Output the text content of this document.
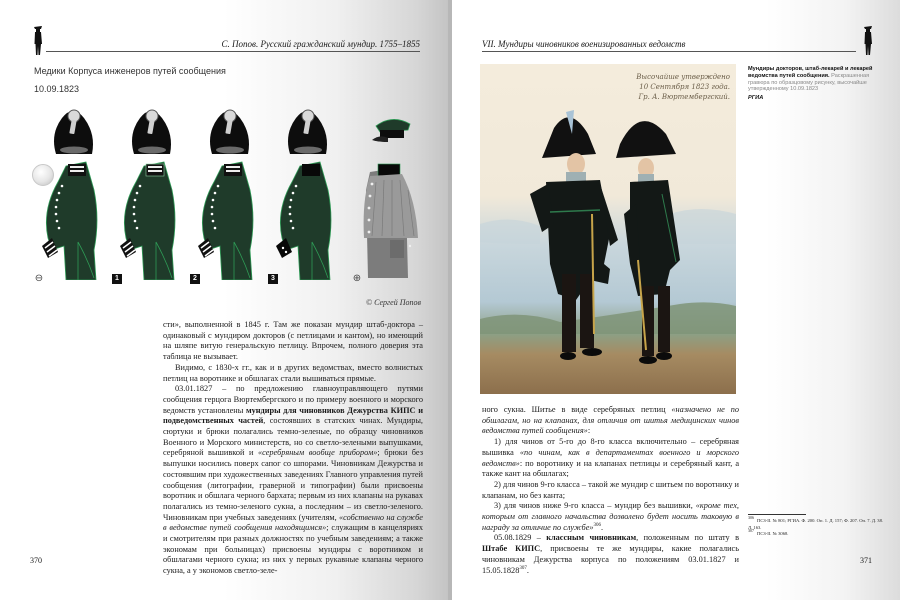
С. Попов. Русский гражданский мундир. 1755–1855
Медики Корпуса инженеров путей сообщения
10.09.1823
⊖	1	2	3	⊕
© Сергей Попов

сти», выполненной в 1845 г. Там же показан мундир штаб-доктора – одинаковый с мундиром докторов (с петлицами и кантом), но имеющий на шляпе витую генеральскую петлицу. Впрочем, полного доверия эта таблица не вызывает.

Видимо, с 1830-х гг., как и в других ведомствах, вместо волнистых петлиц на воротнике и обшлагах стали вышиваться прямые.

03.01.1827 – по предложению главноуправляющего путями сообщения герцога Вюртембергского и по примеру военного и морского ведомств установлены мундиры для чиновников Дежурства КИПС и подведомственных частей, состоявших в статских чинах. Мундиры, сюртуки и брюки полагались темно-зеленые, по образцу чиновников Военного и Морского министерств, но со светло-зелеными выпушками, серебряной вышивкой и «серебряным вообще прибором»; брюки без выпушки носились поверх сапог со шпорами. Чиновникам Дежурства и состоявшим при художественных заведениях Главного управления путей сообщения (литографии, граверной и типографии) были присвоены воротник и обшлага черного бархата; первым из них клапаны на рукавах полагались из темно-зеленого сукна, а последним – из светло-зеленого. Чиновникам при учебных заведениях (учителям, «собственно на службе в ведомстве путей сообщения находящимся»; служащим в канцеляриях и смотрителям при разных должностях по учебным заведениям; а также экономам при больницах) присвоены мундиры с воротником и обшлагами черного сукна; из них у первых рукавные клапаны черного сукна, а у экономов светло-зеле-

370
VII. Мундиры чиновников военизированных ведомств
Высочайше утверждено
10 Сентября 1823 года.
Гр. А. Вюртембергский.
Мундиры докторов, штаб-лекарей и лекарей ведомства путей сообщения. Раскрашенная гравюра по образцовому рисунку, высочайше утвержденному 10.09.1823
РГИА

ного сукна. Шитье в виде серебряных петлиц «назначено не по обшлагам, но на клапанах, для отличия от шитья медицинских чинов ведомства путей сообщения»:

1) для чинов от 5-го до 8-го класса включительно – серебряная вышивка «по чинам, как в департаментах военного и морского ведомств»: по воротнику и на клапанах петлицы и серебряный кант, а также кант на обшлагах;

2) для чинов 9-го класса – такой же мундир с шитьем по воротнику и клапанам, но без канта;

3) для чинов ниже 9-го класса – мундир без вышивки, «кроме тех, которым от главного начальства дозволено будет носить таковую в награду за отличие по службе»$^{306}$.

05.08.1829 – классным чиновникам, положенным по штату в Штабе КИПС, присвоены те же мундиры, какие полагались чиновникам Дежурства корпуса по положениям 03.01.1827 и 15.05.1828$^{307}$.

$^{306}$ПСЗ-II. № 801; РГИА. Ф. 200. Оп. 1. Д. 157; Ф. 207. Оп. 7. Д. 38. Л. 163.
$^{307}$ПСЗ-II. № 3068.
371
